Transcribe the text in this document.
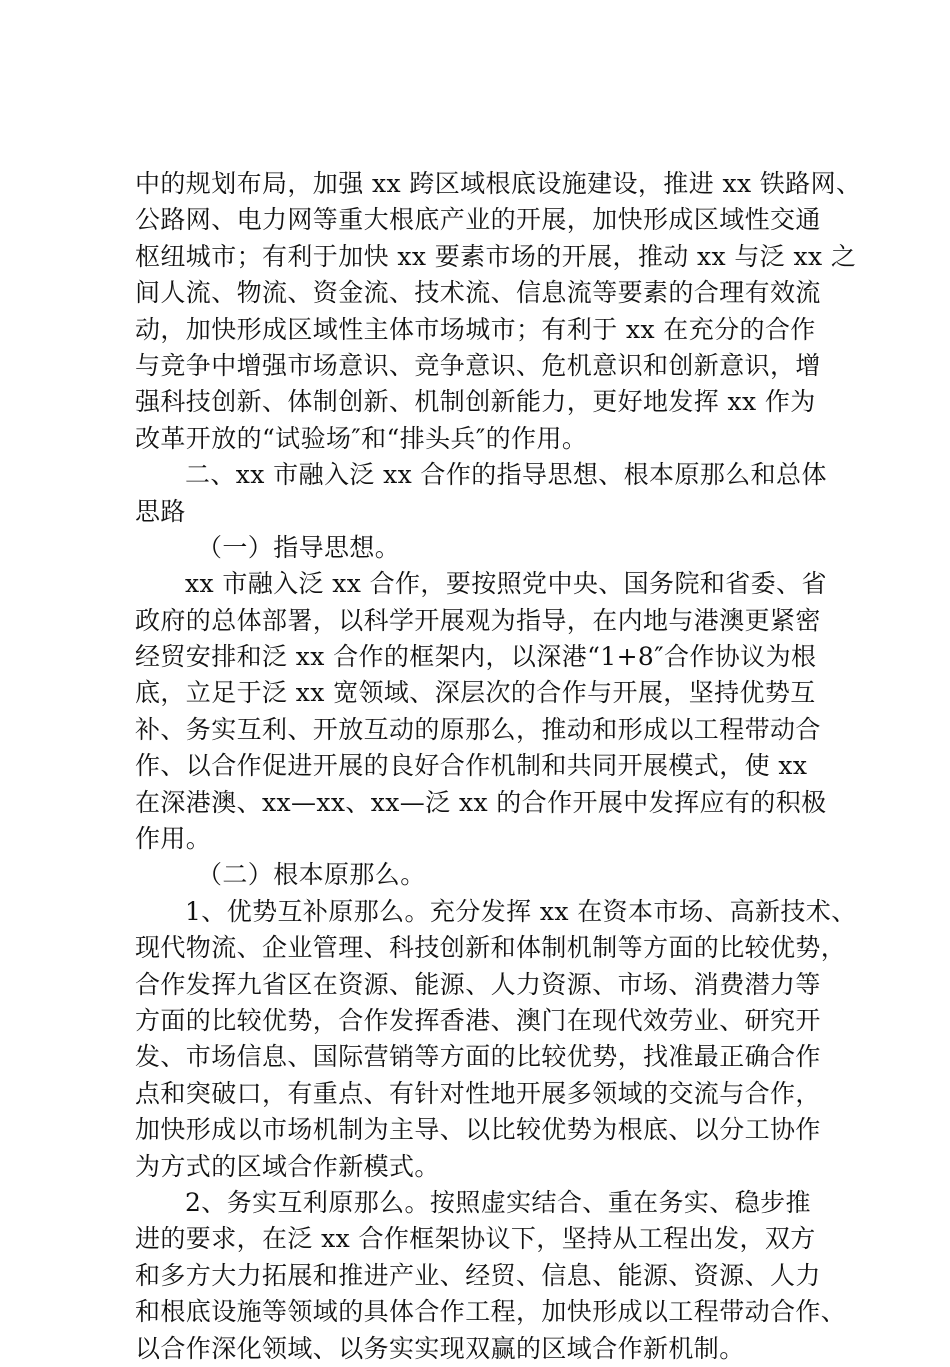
中的规划布局，加强 xx 跨区域根底设施建设，推进 xx 铁路网、
公路网、电力网等重大根底产业的开展，加快形成区域性交通
枢纽城市；有利于加快 xx 要素市场的开展，推动 xx 与泛 xx 之
间人流、物流、资金流、技术流、信息流等要素的合理有效流
动，加快形成区域性主体市场城市；有利于 xx 在充分的合作
与竞争中增强市场意识、竞争意识、危机意识和创新意识，增
强科技创新、体制创新、机制创新能力，更好地发挥 xx 作为
改革开放的“试验场″和“排头兵″的作用。
二、xx 市融入泛 xx 合作的指导思想、根本原那么和总体
思路
（一）指导思想。
xx 市融入泛 xx 合作，要按照党中央、国务院和省委、省
政府的总体部署，以科学开展观为指导，在内地与港澳更紧密
经贸安排和泛 xx 合作的框架内，以深港“1+8″合作协议为根
底，立足于泛 xx 宽领域、深层次的合作与开展，坚持优势互
补、务实互利、开放互动的原那么，推动和形成以工程带动合
作、以合作促进开展的良好合作机制和共同开展模式，使 xx
在深港澳、xx—xx、xx—泛 xx 的合作开展中发挥应有的积极
作用。
（二）根本原那么。
1、优势互补原那么。充分发挥 xx 在资本市场、高新技术、
现代物流、企业管理、科技创新和体制机制等方面的比较优势，
合作发挥九省区在资源、能源、人力资源、市场、消费潜力等
方面的比较优势，合作发挥香港、澳门在现代效劳业、研究开
发、市场信息、国际营销等方面的比较优势，找准最正确合作
点和突破口，有重点、有针对性地开展多领域的交流与合作，
加快形成以市场机制为主导、以比较优势为根底、以分工协作
为方式的区域合作新模式。
2、务实互利原那么。按照虚实结合、重在务实、稳步推
进的要求，在泛 xx 合作框架协议下，坚持从工程出发，双方
和多方大力拓展和推进产业、经贸、信息、能源、资源、人力
和根底设施等领域的具体合作工程，加快形成以工程带动合作、
以合作深化领域、以务实实现双赢的区域合作新机制。
